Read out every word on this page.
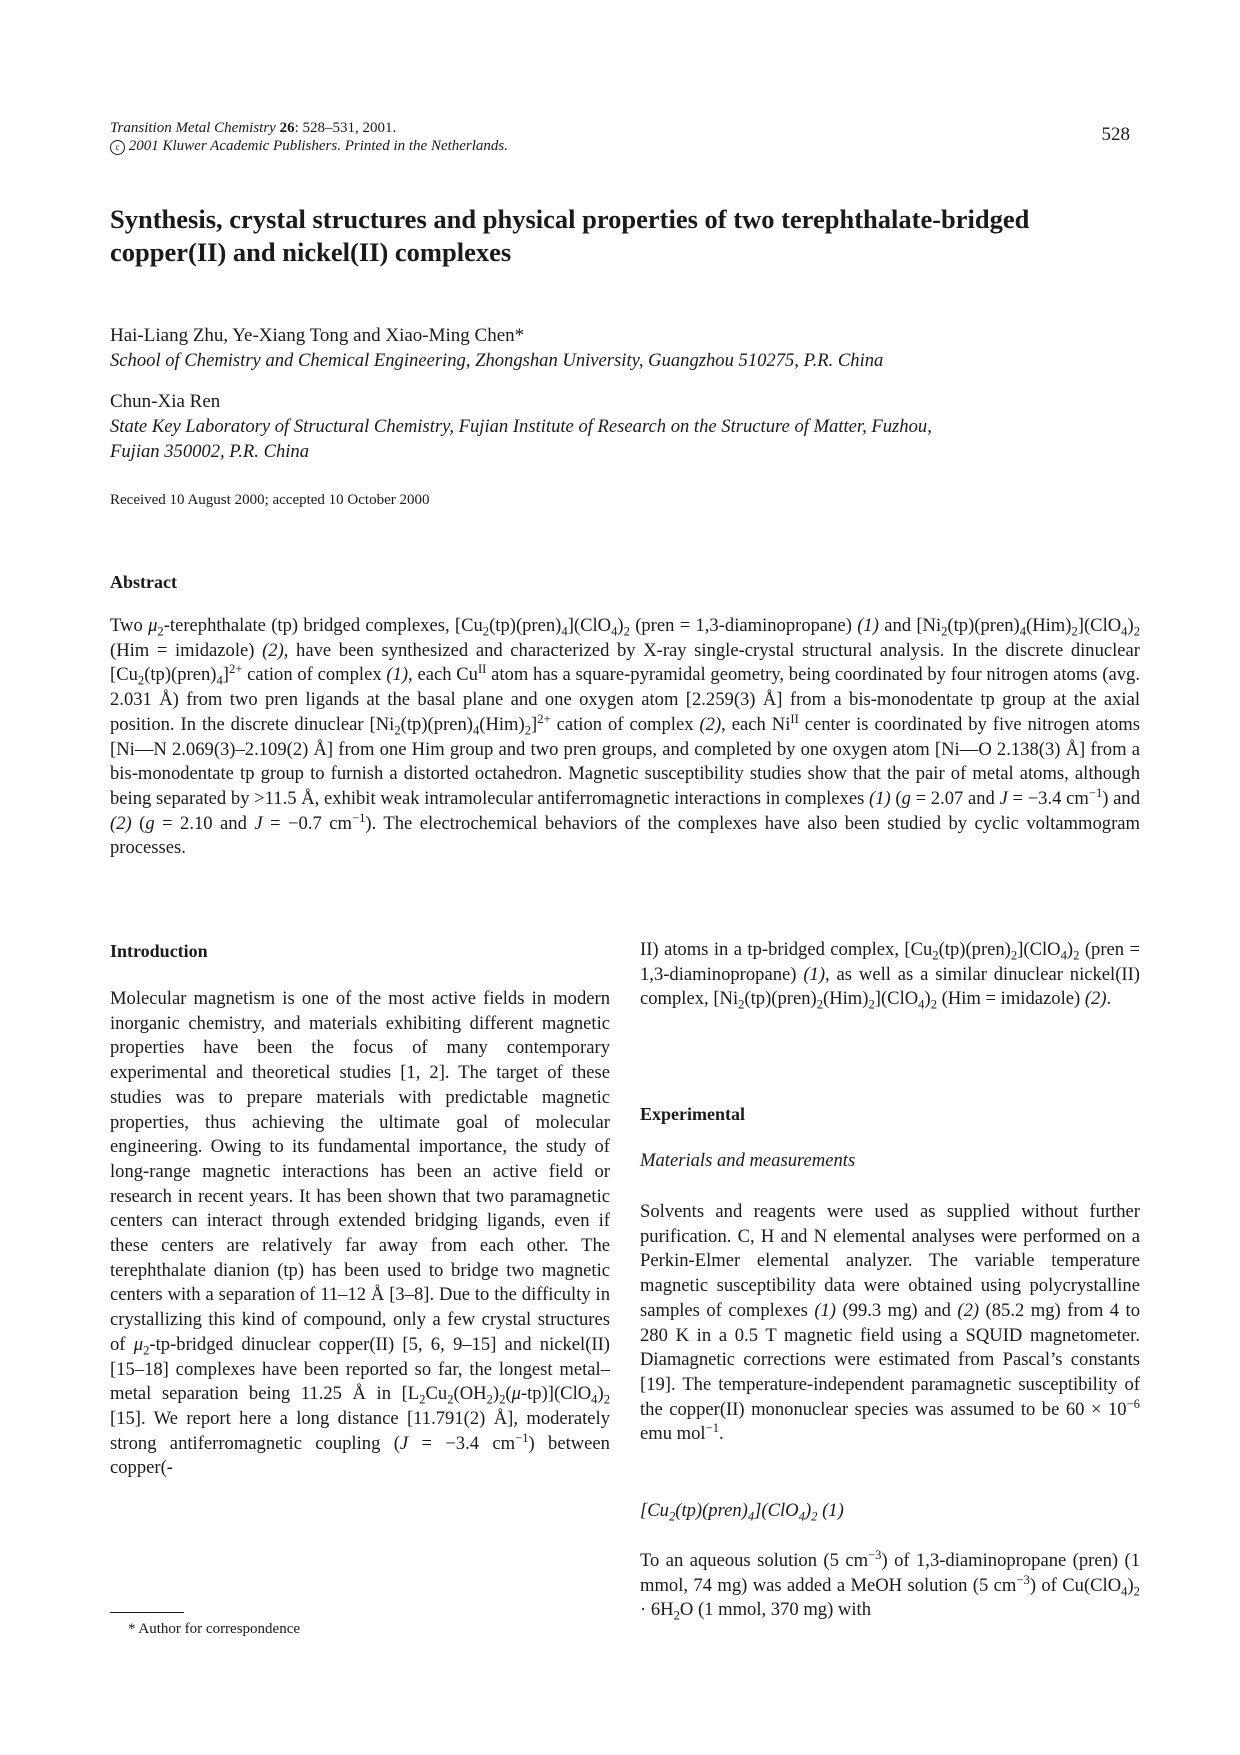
Transition Metal Chemistry 26: 528–531, 2001.
c 2001 Kluwer Academic Publishers. Printed in the Netherlands.
528
Synthesis, crystal structures and physical properties of two terephthalate-bridged
copper(II) and nickel(II) complexes
Hai-Liang Zhu, Ye-Xiang Tong and Xiao-Ming Chen*
School of Chemistry and Chemical Engineering, Zhongshan University, Guangzhou 510275, P.R. China
Chun-Xia Ren
State Key Laboratory of Structural Chemistry, Fujian Institute of Research on the Structure of Matter, Fuzhou,
Fujian 350002, P.R. China
Received 10 August 2000; accepted 10 October 2000
Abstract
Two $\mu_2$-terephthalate (tp) bridged complexes, $[Cu_2(tp)(pren)_4](ClO_4)_2$ (pren = 1,3-diaminopropane) (1) and $[Ni_2(tp)(pren)_4(Him)_2](ClO_4)_2$ (Him = imidazole) (2), have been synthesized and characterized by X-ray single-crystal structural analysis. In the discrete dinuclear $[Cu_2(tp)(pren)_4]^{2+}$ cation of complex (1), each $Cu^{II}$ atom has a square-pyramidal geometry, being coordinated by four nitrogen atoms (avg. 2.031 Å) from two pren ligands at the basal plane and one oxygen atom [2.259(3) Å] from a bis-monodentate tp group at the axial position. In the discrete dinuclear $[Ni_2(tp)(pren)_4(Him)_2]^{2+}$ cation of complex (2), each $Ni^{II}$ center is coordinated by five nitrogen atoms [Ni—N 2.069(3)–2.109(2) Å] from one Him group and two pren groups, and completed by one oxygen atom [Ni—O 2.138(3) Å] from a bis-monodentate tp group to furnish a distorted octahedron. Magnetic susceptibility studies show that the pair of metal atoms, although being separated by >11.5 Å, exhibit weak intramolecular antiferromagnetic interactions in complexes (1) (g = 2.07 and J = −3.4 $cm^{-1}$) and (2) (g = 2.10 and J = −0.7 $cm^{-1}$). The electrochemical behaviors of the complexes have also been studied by cyclic voltammogram processes.
Introduction

Molecular magnetism is one of the most active fields in modern inorganic chemistry, and materials exhibiting different magnetic properties have been the focus of many contemporary experimental and theoretical studies [1, 2]. The target of these studies was to prepare materials with predictable magnetic properties, thus achieving the ultimate goal of molecular engineering. Owing to its fundamental importance, the study of long-range magnetic interactions has been an active field or research in recent years. It has been shown that two paramagnetic centers can interact through extended bridging ligands, even if these centers are relatively far away from each other. The terephthalate dianion (tp) has been used to bridge two magnetic centers with a separation of 11–12 Å [3–8]. Due to the difficulty in crystallizing this kind of compound, only a few crystal structures of $\mu_2-tp$-bridged dinuclear copper(II) [5, 6, 9–15] and nickel(II) [15–18] complexes have been reported so far, the longest metal–metal separation being 11.25 Å in $[L_2Cu_2(OH_2)_2(\mu-tp)](ClO_4)_2$ [15]. We report here a long distance [11.791(2) Å], moderately strong antiferromagnetic coupling (J = −3.4 $cm^{-1}$) between copper(-

* Author for correspondence

II) atoms in a tp-bridged complex, $[Cu_2(tp)(pren)_2](ClO_4)_2$ (pren = 1,3-diaminopropane) (1), as well as a similar dinuclear nickel(II) complex, $[Ni_2(tp)(pren)_2(Him)_2](ClO_4)_2$ (Him = imidazole) (2).

Experimental
Materials and measurements

Solvents and reagents were used as supplied without further purification. C, H and N elemental analyses were performed on a Perkin-Elmer elemental analyzer. The variable temperature magnetic susceptibility data were obtained using polycrystalline samples of complexes (1) (99.3 mg) and (2) (85.2 mg) from 4 to 280 K in a 0.5 T magnetic field using a SQUID magnetometer. Diamagnetic corrections were estimated from Pascal’s constants [19]. The temperature-independent paramagnetic susceptibility of the copper(II) mononuclear species was assumed to be $60 \times 10^{-6}$ emu mol$^{-1}$.

$[Cu_2(tp)(pren)_4](ClO_4)_2$ (1)

To an aqueous solution (5 $cm^{-3}$) of 1,3-diaminopropane (pren) (1 mmol, 74 mg) was added a MeOH solution (5 $cm^{-3}$) of $Cu(ClO_4)_2 \cdot 6H_2O$ (1 mmol, 370 mg) with
